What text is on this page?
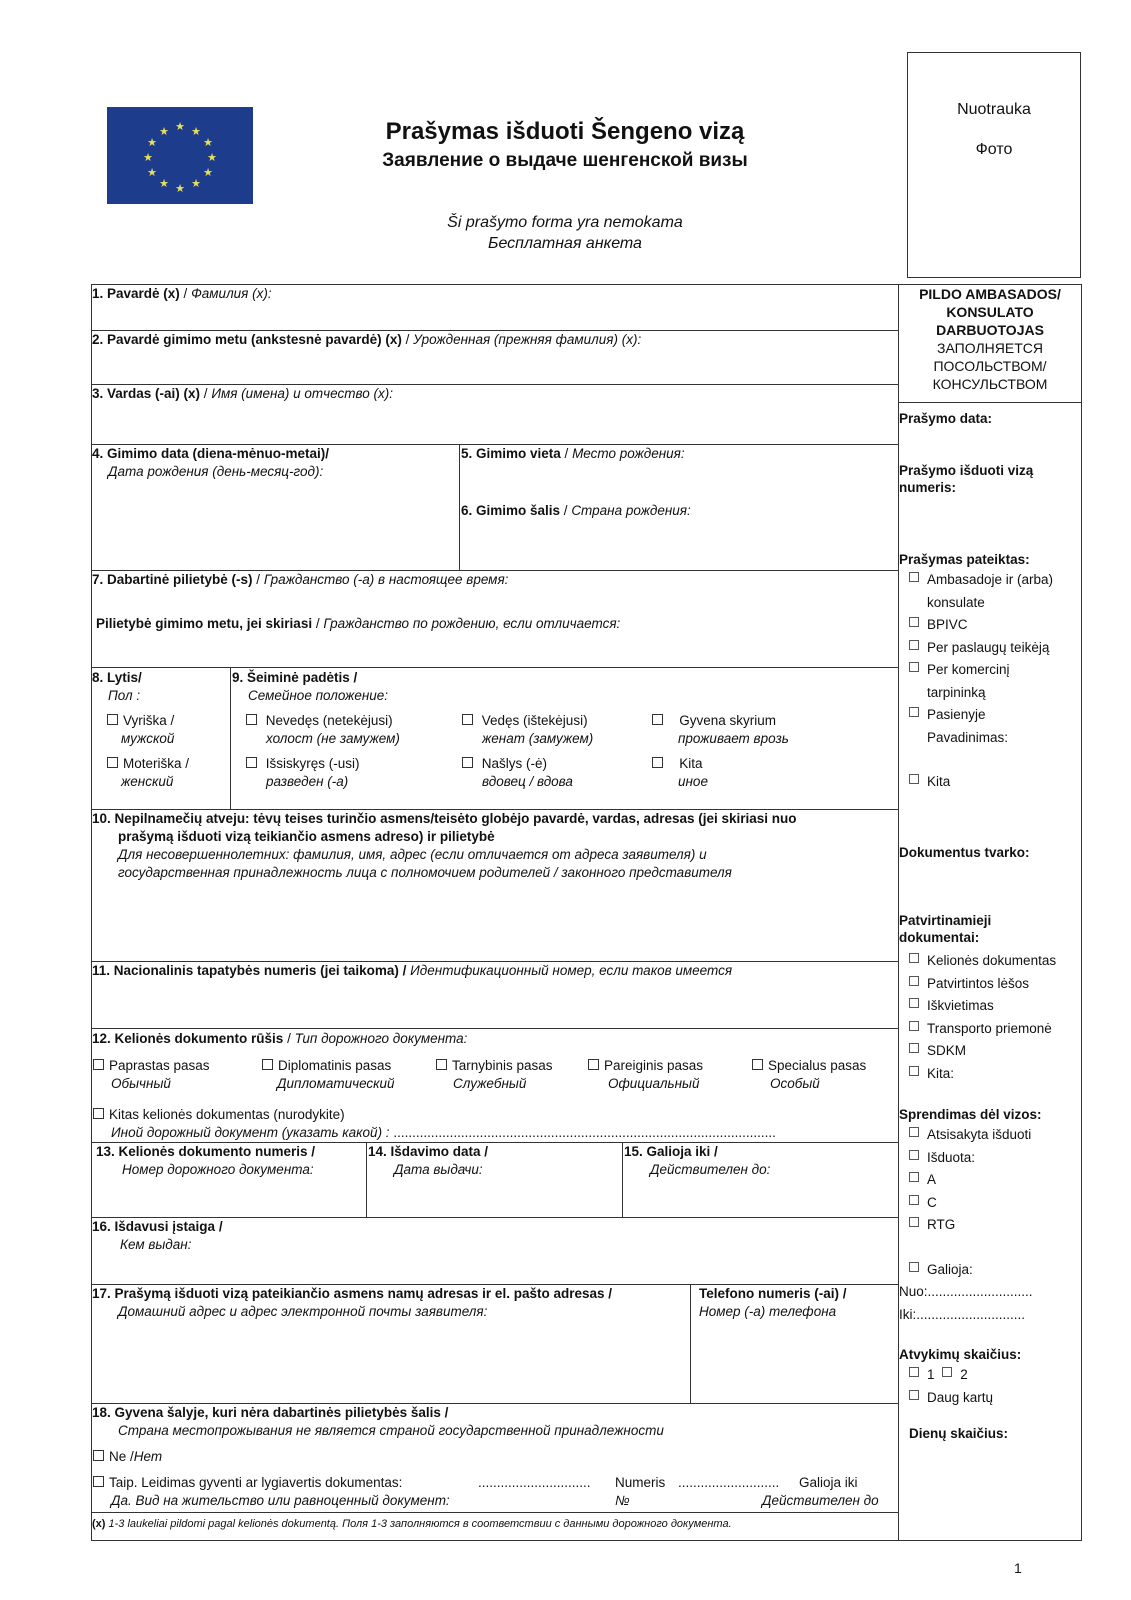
★ ★
★
★
★
★
★
★
★
★
★
★	Prašymas išduoti Šengeno vizą
Заявление о выдаче шенгенской визы
Ši prašymo forma yra nemokama
Бесплатная анкета
Nuotrauka
Фото
1. Pavardė (x) / Фамилия (x):
2. Pavardė gimimo metu (ankstesnė pavardė) (x) / Урожденная (прежняя фамилия) (x):
3. Vardas (-ai) (x) / Имя (имена) и отчество (x):
4. Gimimo data (diena-mėnuo-metai)/
Дата рождения (день-месяц-год):
5. Gimimo vieta / Место рождения:
6. Gimimo šalis / Страна рождения:
7. Dabartinė pilietybė (-s) / Гражданство (-а) в настоящее время:
Pilietybė gimimo metu, jei skiriasi / Гражданство по рождению, если отличается:
8. Lytis/
Пол :
Vyriška /
мужской
Moteriška /
женский
9. Šeiminė padėtis /
Семейное положение:
Nevedęs (netekėjusi)
холост (не замужем)
Vedęs (ištekėjusi)
женат (замужем)
Gyvena skyrium
проживает врозь
Išsiskyręs (-usi)
разведен (-а)
Našlys (-ė)
вдовец / вдова
Kita
иное
10. Nepilnamečių atveju: tėvų teises turinčio asmens/teisėto globėjo pavardė, vardas, adresas (jei skiriasi nuo
prašymą išduoti vizą teikiančio asmens adreso) ir pilietybė
Для несовершеннолетних: фамилия, имя, адрес (если отличается от адреса заявителя) и
государственная принадлежность лица с полномочием родителей / законного представителя
11. Nacionalinis tapatybės numeris (jei taikoma) / Идентификационный номер, если таков имеется
12. Kelionės dokumento rūšis / Тип дорожного документа:
Paprastas pasas
Обычный
Diplomatinis pasas
Дипломатический
Tarnybinis pasas
Служебный
Pareiginis pasas
Официальный
Specialus pasas
Особый
Kitas kelionės dokumentas (nurodykite)
Иной дорожный документ (указать какой) : ......................................................................................................
13. Kelionės dokumento numeris /
Номер дорожного документа:
14. Išdavimo data /
Дата выдачи:
15. Galioja iki /
Действителен до:
16. Išdavusi įstaiga /
Кем выдан:
17. Prašymą išduoti vizą pateikiančio asmens namų adresas ir el. pašto adresas /
Домашний адрес и адрес электронной почты заявителя:
Telefono numeris (-ai) /
Номер (-а) телефона
18. Gyvena šalyje, kuri nėra dabartinės pilietybės šalis /
Страна местопрожывания не является страной государственной принадлежности
Ne /Нет
Taip. Leidimas gyventi ar lygiavertis dokumentas:	.............................. Numeris ........................... Galioja iki
Да. Вид на жительство или равноценный документ:	№	Действителен до
(x) 1-3 laukeliai pildomi pagal kelionės dokumentą. Поля 1-3 заполняются в соответствии с данными дорожного документа.
PILDO AMBASADOS/
KONSULATO
DARBUOTOJAS
ЗАПОЛНЯЕТСЯ
ПОСОЛЬСТВОМ/
КОНСУЛЬСТВОМ
Prašymo data:
Prašymo išduoti vizą
numeris:
Prašymas pateiktas:
Ambasadoje ir (arba)
konsulate
BPIVC
Per paslaugų teikėją
Per komercinį
tarpininką
Pasienyje
Pavadinimas:
Kita
Dokumentus tvarko:
Patvirtinamieji
dokumentai:
Kelionės dokumentas
Patvirtintos lėšos
Iškvietimas
Transporto priemonė
SDKM
Kita:
Sprendimas dėl vizos:
Atsisakyta išduoti
Išduota:
A
C
RTG
Galioja:
Nuo:............................
Iki:.............................
Atvykimų skaičius:
1 2
Daug kartų
Dienų skaičius:
1
